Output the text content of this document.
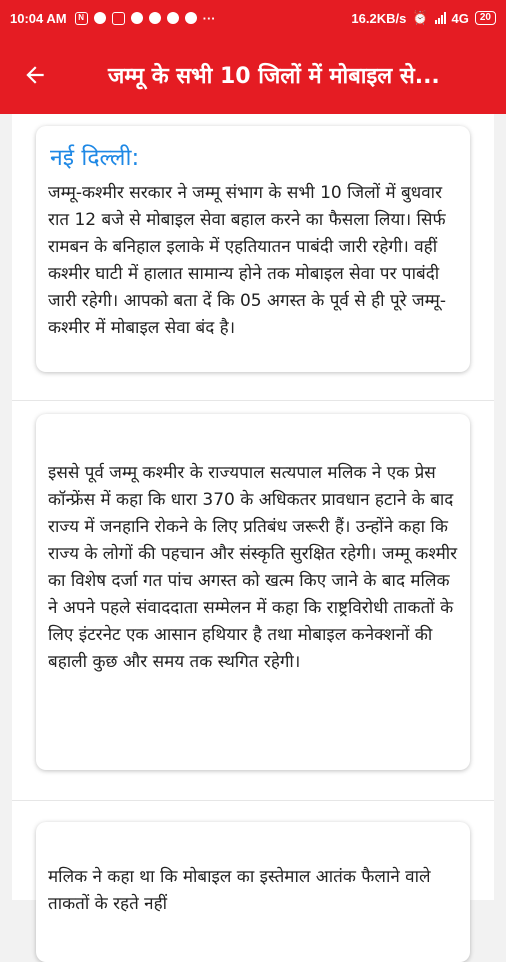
10:04 AM	N	···	16.2KB/s ⏰ 4G	20
जम्मू के सभी 10 जिलों में मोबाइल से...
नई दिल्ली:
जम्मू-कश्मीर सरकार ने जम्मू संभाग के सभी 10 जिलों में बुधवार रात 12 बजे से मोबाइल सेवा बहाल करने का फैसला लिया। सिर्फ रामबन के बनिहाल इलाके में एहतियातन पाबंदी जारी रहेगी। वहीं कश्मीर घाटी में हालात सामान्य होने तक मोबाइल सेवा पर पाबंदी जारी रहेगी। आपको बता दें कि 05 अगस्त के पूर्व से ही पूरे जम्मू-कश्मीर में मोबाइल सेवा बंद है।
इससे पूर्व जम्मू कश्मीर के राज्यपाल सत्यपाल मलिक ने एक प्रेस कॉन्फ्रेंस में कहा कि धारा 370 के अधिकतर प्रावधान हटाने के बाद राज्य में जनहानि रोकने के लिए प्रतिबंध जरूरी हैं। उन्होंने कहा कि राज्य के लोगों की पहचान और संस्कृति सुरक्षित रहेगी। जम्मू कश्मीर का विशेष दर्जा गत पांच अगस्त को खत्म किए जाने के बाद मलिक ने अपने पहले संवाददाता सम्मेलन में कहा कि राष्ट्रविरोधी ताकतों के लिए इंटरनेट एक आसान हथियार है तथा मोबाइल कनेक्शनों की बहाली कुछ और समय तक स्थगित रहेगी।
मलिक ने कहा था कि मोबाइल का इस्तेमाल आतंक फैलाने वाले ताकतों के रहते नहीं
